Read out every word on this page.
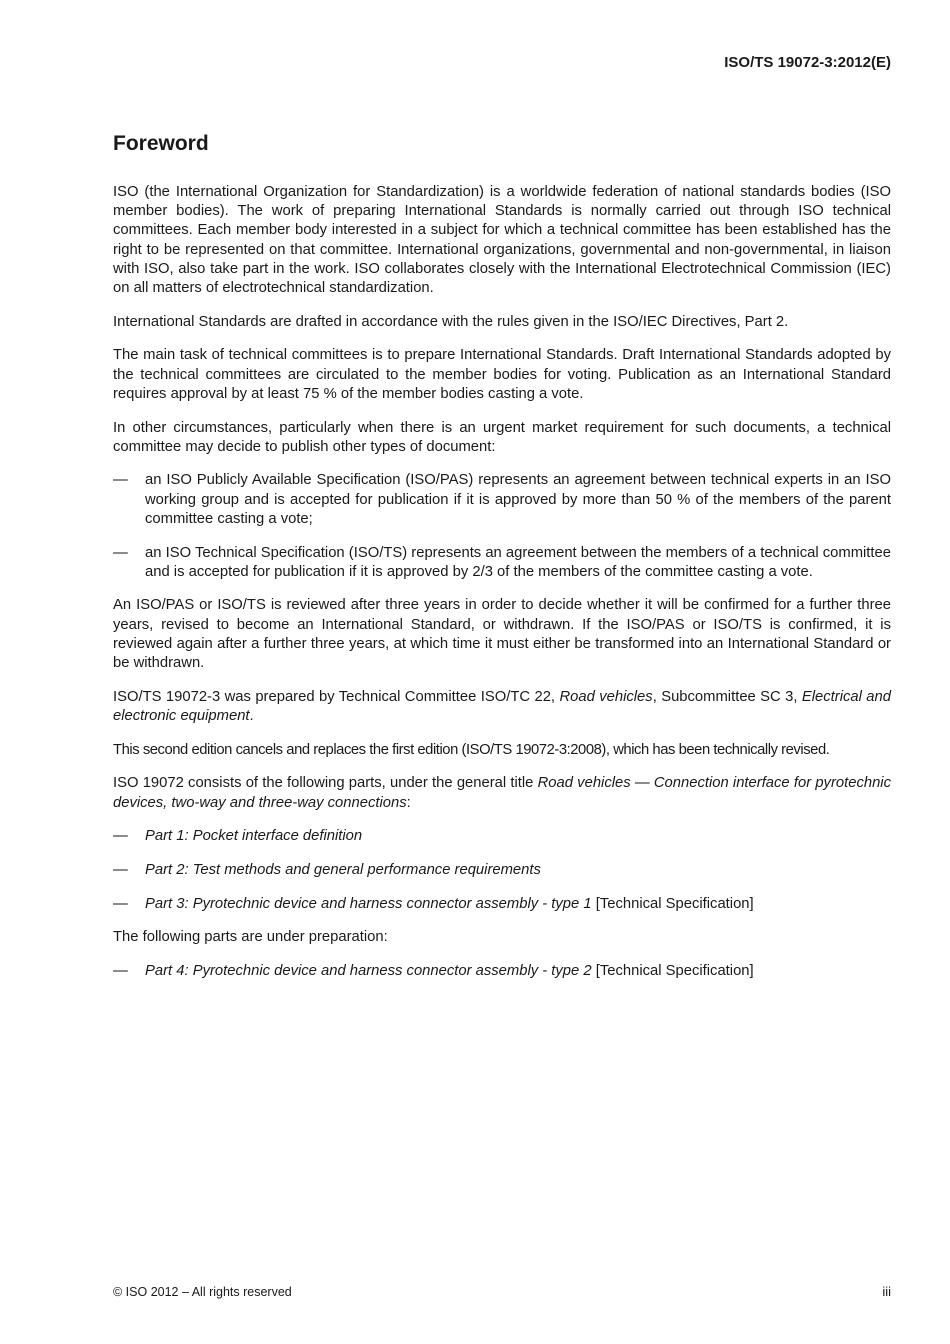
ISO/TS 19072-3:2012(E)

Foreword

ISO (the International Organization for Standardization) is a worldwide federation of national standards bodies (ISO member bodies). The work of preparing International Standards is normally carried out through ISO technical committees. Each member body interested in a subject for which a technical committee has been established has the right to be represented on that committee. International organizations, governmental and non-governmental, in liaison with ISO, also take part in the work. ISO collaborates closely with the International Electrotechnical Commission (IEC) on all matters of electrotechnical standardization.

International Standards are drafted in accordance with the rules given in the ISO/IEC Directives, Part 2.

The main task of technical committees is to prepare International Standards. Draft International Standards adopted by the technical committees are circulated to the member bodies for voting. Publication as an International Standard requires approval by at least 75 % of the member bodies casting a vote.

In other circumstances, particularly when there is an urgent market requirement for such documents, a technical committee may decide to publish other types of document:

— an ISO Publicly Available Specification (ISO/PAS) represents an agreement between technical experts in an ISO working group and is accepted for publication if it is approved by more than 50 % of the members of the parent committee casting a vote;
— an ISO Technical Specification (ISO/TS) represents an agreement between the members of a technical committee and is accepted for publication if it is approved by 2/3 of the members of the committee casting a vote.

An ISO/PAS or ISO/TS is reviewed after three years in order to decide whether it will be confirmed for a further three years, revised to become an International Standard, or withdrawn. If the ISO/PAS or ISO/TS is confirmed, it is reviewed again after a further three years, at which time it must either be transformed into an International Standard or be withdrawn.

ISO/TS 19072-3 was prepared by Technical Committee ISO/TC 22, Road vehicles, Subcommittee SC 3, Electrical and electronic equipment.

This second edition cancels and replaces the first edition (ISO/TS 19072-3:2008), which has been technically revised.

ISO 19072 consists of the following parts, under the general title Road vehicles — Connection interface for pyrotechnic devices, two-way and three-way connections:

— Part 1: Pocket interface definition
— Part 2: Test methods and general performance requirements
— Part 3: Pyrotechnic device and harness connector assembly - type 1 [Technical Specification]

The following parts are under preparation:

— Part 4: Pyrotechnic device and harness connector assembly - type 2 [Technical Specification]

© ISO 2012 – All rights reserved	iii
